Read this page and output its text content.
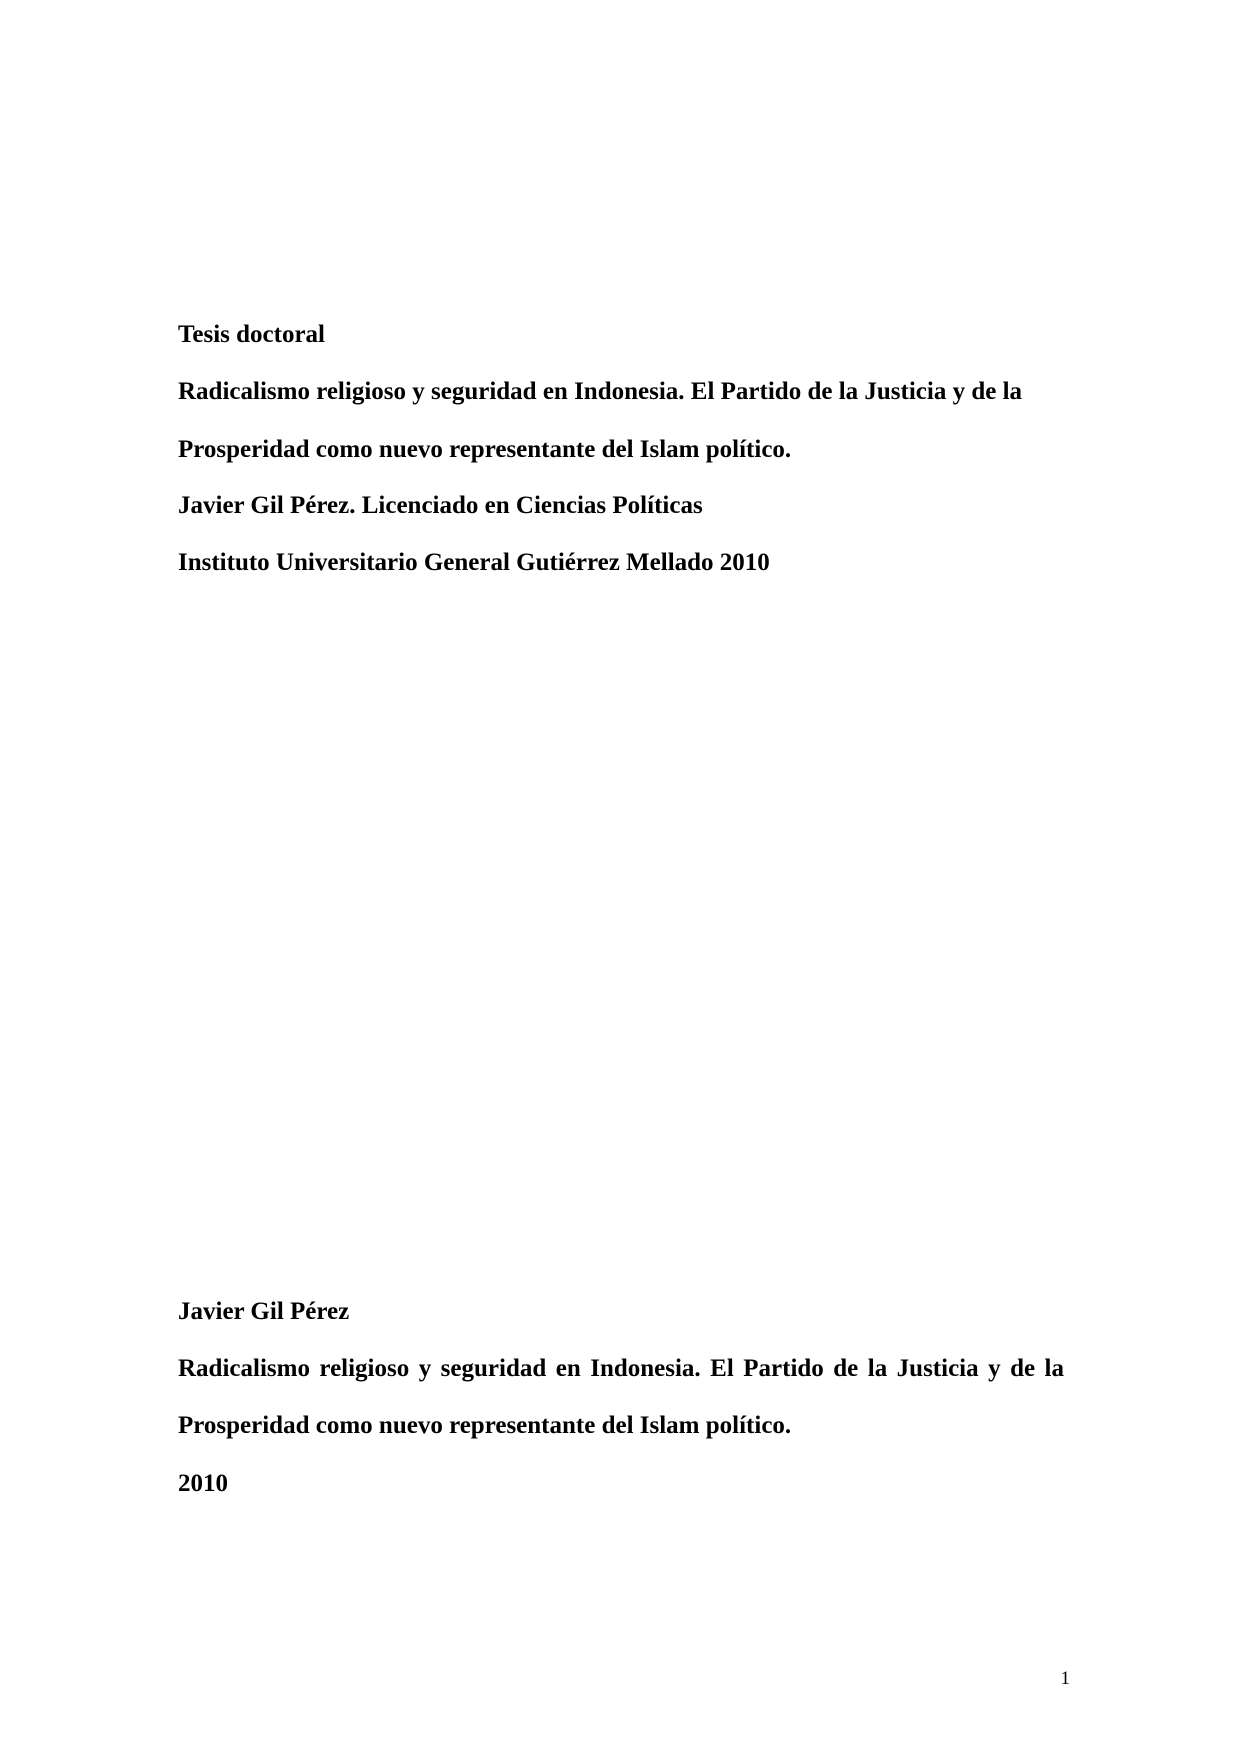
Tesis doctoral
Radicalismo religioso y seguridad en Indonesia. El Partido de la Justicia y de la
Prosperidad como nuevo representante del Islam político.
Javier Gil Pérez. Licenciado en Ciencias Políticas
Instituto Universitario General Gutiérrez Mellado 2010
Javier Gil Pérez
Radicalismo religioso y seguridad en Indonesia. El Partido de la Justicia y de la
Prosperidad como nuevo representante del Islam político.
2010
1
